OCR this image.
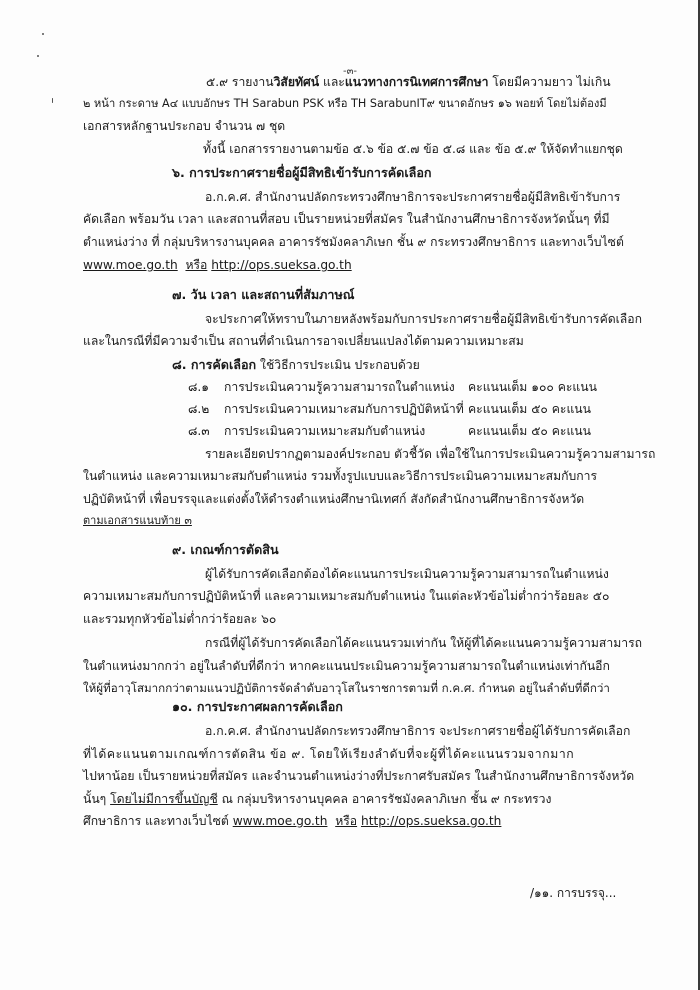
-๓-
๕.๙ รายงานวิสัยทัศน์ และแนวทางการนิเทศการศึกษา โดยมีความยาว ไม่เกิน
๒ หน้า กระดาษ A๔ แบบอักษร TH Sarabun PSK หรือ TH SarabunIT๙ ขนาดอักษร ๑๖ พอยท์ โดยไม่ต้องมี
เอกสารหลักฐานประกอบ จำนวน ๗ ชุด
ทั้งนี้ เอกสารรายงานตามข้อ ๕.๖ ข้อ ๕.๗ ข้อ ๕.๘ และ ข้อ ๕.๙ ให้จัดทำแยกชุด
๖. การประกาศรายชื่อผู้มีสิทธิเข้ารับการคัดเลือก
อ.ก.ค.ศ. สำนักงานปลัดกระทรวงศึกษาธิการจะประกาศรายชื่อผู้มีสิทธิเข้ารับการ
คัดเลือก พร้อมวัน เวลา และสถานที่สอบ เป็นรายหน่วยที่สมัคร ในสำนักงานศึกษาธิการจังหวัดนั้นๆ ที่มี
ตำแหน่งว่าง ที่ กลุ่มบริหารงานบุคคล อาคารรัชมังคลาภิเษก ชั้น ๙ กระทรวงศึกษาธิการ และทางเว็บไซต์
www.moe.go.th หรือ http://ops.sueksa.go.th
๗. วัน เวลา และสถานที่สัมภาษณ์
จะประกาศให้ทราบในภายหลังพร้อมกับการประกาศรายชื่อผู้มีสิทธิเข้ารับการคัดเลือก
และในกรณีที่มีความจำเป็น สถานที่ดำเนินการอาจเปลี่ยนแปลงได้ตามความเหมาะสม
๘. การคัดเลือก ใช้วิธีการประเมิน ประกอบด้วย
๘.๑ การประเมินความรู้ความสามารถในตำแหน่ง คะแนนเต็ม ๑๐๐ คะแนน
๘.๒ การประเมินความเหมาะสมกับการปฏิบัติหน้าที่ คะแนนเต็ม ๕๐ คะแนน
๘.๓ การประเมินความเหมาะสมกับตำแหน่ง	คะแนนเต็ม ๕๐ คะแนน
รายละเอียดปรากฏตามองค์ประกอบ ตัวชี้วัด เพื่อใช้ในการประเมินความรู้ความสามารถ
ในตำแหน่ง และความเหมาะสมกับตำแหน่ง รวมทั้งรูปแบบและวิธีการประเมินความเหมาะสมกับการ
ปฏิบัติหน้าที่ เพื่อบรรจุและแต่งตั้งให้ดำรงตำแหน่งศึกษานิเทศก์ สังกัดสำนักงานศึกษาธิการจังหวัด
ตามเอกสารแนบท้าย ๓
๙. เกณฑ์การตัดสิน
ผู้ได้รับการคัดเลือกต้องได้คะแนนการประเมินความรู้ความสามารถในตำแหน่ง
ความเหมาะสมกับการปฏิบัติหน้าที่ และความเหมาะสมกับตำแหน่ง ในแต่ละหัวข้อไม่ต่ำกว่าร้อยละ ๕๐
และรวมทุกหัวข้อไม่ต่ำกว่าร้อยละ ๖๐
กรณีที่ผู้ได้รับการคัดเลือกได้คะแนนรวมเท่ากัน ให้ผู้ที่ได้คะแนนความรู้ความสามารถ
ในตำแหน่งมากกว่า อยู่ในลำดับที่ดีกว่า หากคะแนนประเมินความรู้ความสามารถในตำแหน่งเท่ากันอีก
ให้ผู้ที่อาวุโสมากกว่าตามแนวปฏิบัติการจัดลำดับอาวุโสในราชการตามที่ ก.ค.ศ. กำหนด อยู่ในลำดับที่ดีกว่า
๑๐. การประกาศผลการคัดเลือก
อ.ก.ค.ศ. สำนักงานปลัดกระทรวงศึกษาธิการ จะประกาศรายชื่อผู้ได้รับการคัดเลือก
ที่ได้คะแนนตามเกณฑ์การตัดสิน ข้อ ๙. โดยให้เรียงลำดับที่จะผู้ที่ได้คะแนนรวมจากมาก
ไปหาน้อย เป็นรายหน่วยที่สมัคร และจำนวนตำแหน่งว่างที่ประกาศรับสมัคร ในสำนักงานศึกษาธิการจังหวัด
นั้นๆ โดยไม่มีการขึ้นบัญชี ณ กลุ่มบริหารงานบุคคล อาคารรัชมังคลาภิเษก ชั้น ๙ กระทรวง
ศึกษาธิการ และทางเว็บไซต์ www.moe.go.th หรือ http://ops.sueksa.go.th
/๑๑. การบรรจุ...
